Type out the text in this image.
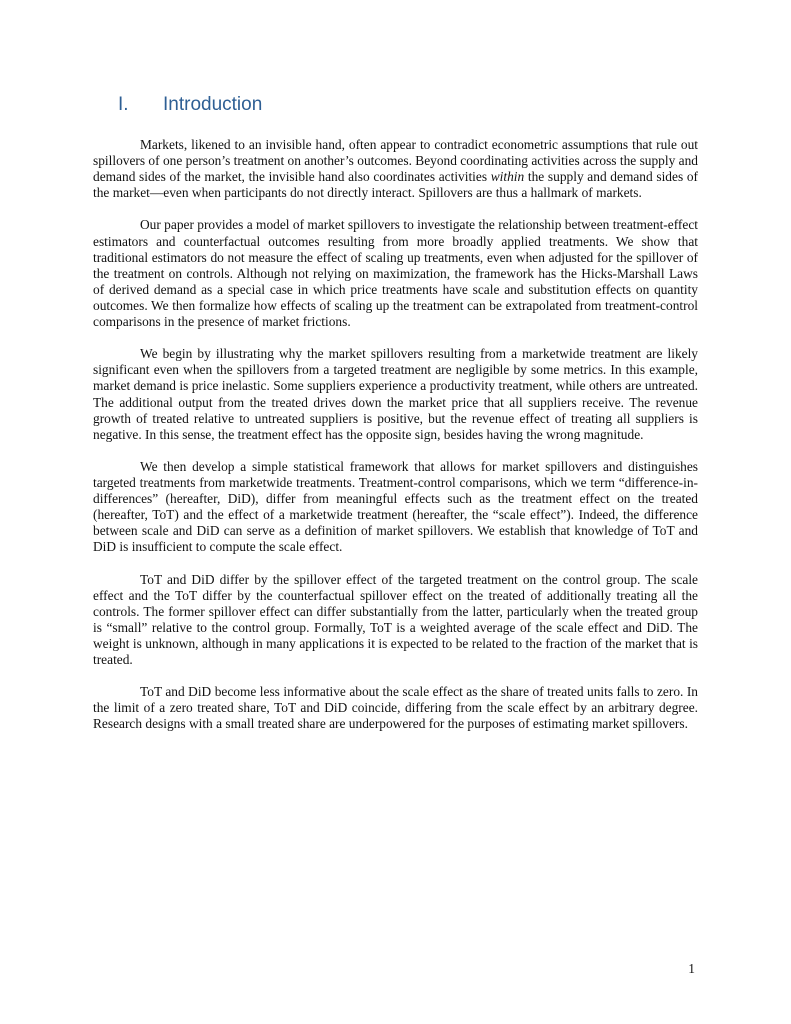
I. Introduction

Markets, likened to an invisible hand, often appear to contradict econometric assumptions that rule out spillovers of one person’s treatment on another’s outcomes. Beyond coordinating activities across the supply and demand sides of the market, the invisible hand also coordinates activities within the supply and demand sides of the market—even when participants do not directly interact. Spillovers are thus a hallmark of markets.

Our paper provides a model of market spillovers to investigate the relationship between treatment-effect estimators and counterfactual outcomes resulting from more broadly applied treatments. We show that traditional estimators do not measure the effect of scaling up treatments, even when adjusted for the spillover of the treatment on controls. Although not relying on maximization, the framework has the Hicks-Marshall Laws of derived demand as a special case in which price treatments have scale and substitution effects on quantity outcomes. We then formalize how effects of scaling up the treatment can be extrapolated from treatment-control comparisons in the presence of market frictions.

We begin by illustrating why the market spillovers resulting from a marketwide treatment are likely significant even when the spillovers from a targeted treatment are negligible by some metrics. In this example, market demand is price inelastic. Some suppliers experience a productivity treatment, while others are untreated. The additional output from the treated drives down the market price that all suppliers receive. The revenue growth of treated relative to untreated suppliers is positive, but the revenue effect of treating all suppliers is negative. In this sense, the treatment effect has the opposite sign, besides having the wrong magnitude.

We then develop a simple statistical framework that allows for market spillovers and distinguishes targeted treatments from marketwide treatments. Treatment-control comparisons, which we term “difference-in-differences” (hereafter, DiD), differ from meaningful effects such as the treatment effect on the treated (hereafter, ToT) and the effect of a marketwide treatment (hereafter, the “scale effect”). Indeed, the difference between scale and DiD can serve as a definition of market spillovers. We establish that knowledge of ToT and DiD is insufficient to compute the scale effect.

ToT and DiD differ by the spillover effect of the targeted treatment on the control group. The scale effect and the ToT differ by the counterfactual spillover effect on the treated of additionally treating all the controls. The former spillover effect can differ substantially from the latter, particularly when the treated group is “small” relative to the control group. Formally, ToT is a weighted average of the scale effect and DiD. The weight is unknown, although in many applications it is expected to be related to the fraction of the market that is treated.

ToT and DiD become less informative about the scale effect as the share of treated units falls to zero. In the limit of a zero treated share, ToT and DiD coincide, differing from the scale effect by an arbitrary degree. Research designs with a small treated share are underpowered for the purposes of estimating market spillovers.

1
